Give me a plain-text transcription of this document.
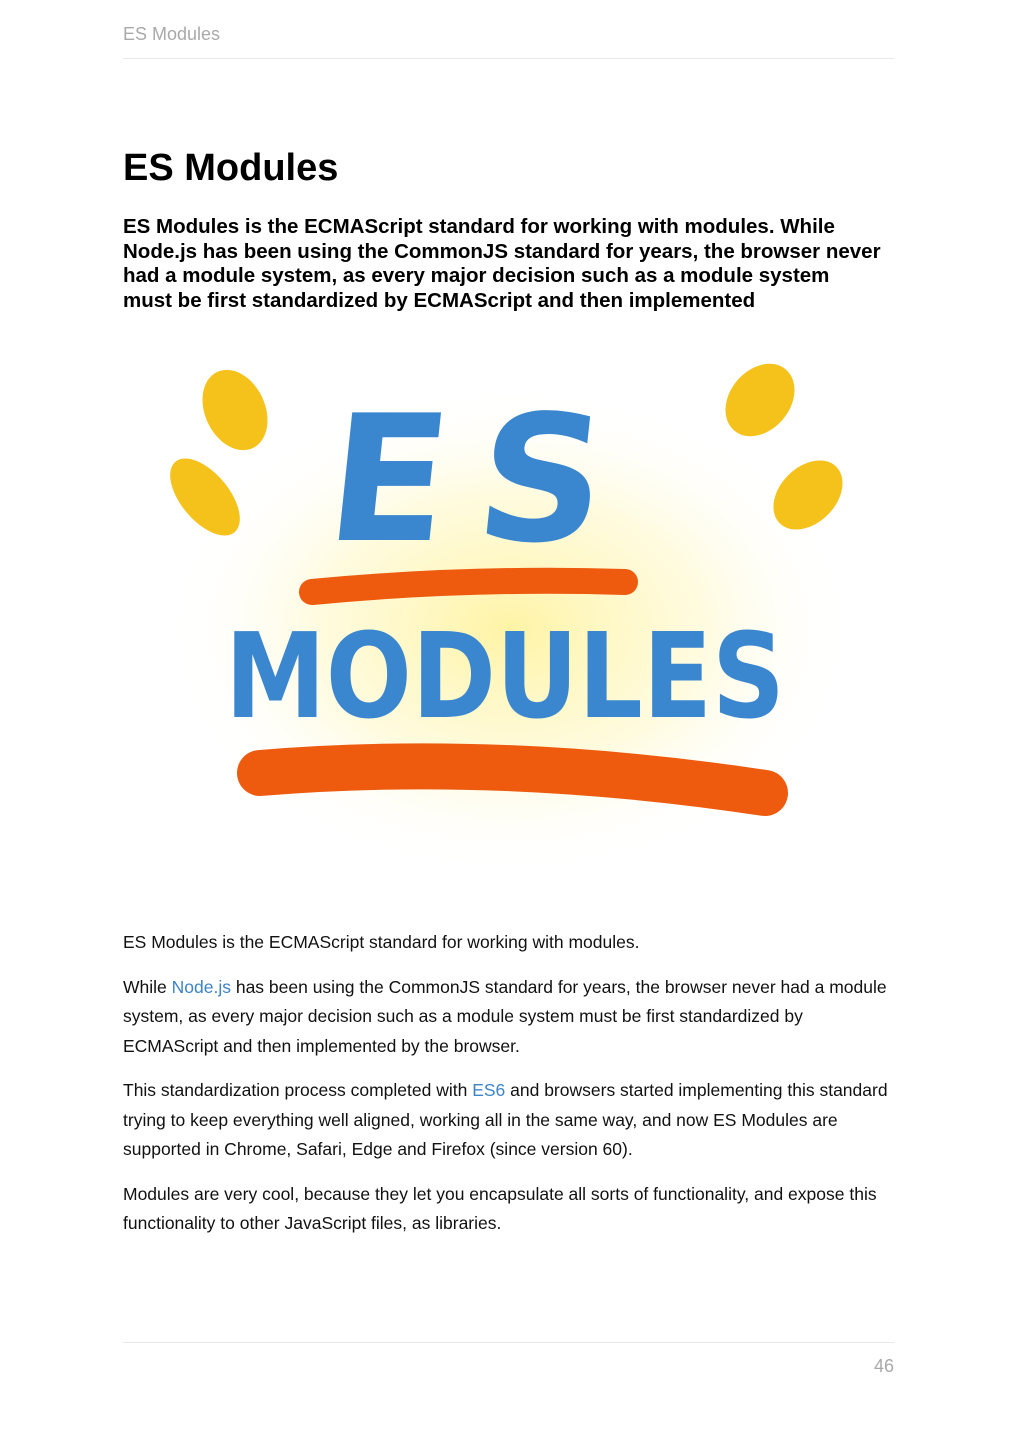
ES Modules
ES Modules

ES Modules is the ECMAScript standard for working with modules. While Node.js has been using the CommonJS standard for years, the browser never had a module system, as every major decision such as a module system must be first standardized by ECMAScript and then implemented

ES
MODULES

ES Modules is the ECMAScript standard for working with modules.

While Node.js has been using the CommonJS standard for years, the browser never had a module system, as every major decision such as a module system must be first standardized by ECMAScript and then implemented by the browser.

This standardization process completed with ES6 and browsers started implementing this standard trying to keep everything well aligned, working all in the same way, and now ES Modules are supported in Chrome, Safari, Edge and Firefox (since version 60).

Modules are very cool, because they let you encapsulate all sorts of functionality, and expose this functionality to other JavaScript files, as libraries.

46
